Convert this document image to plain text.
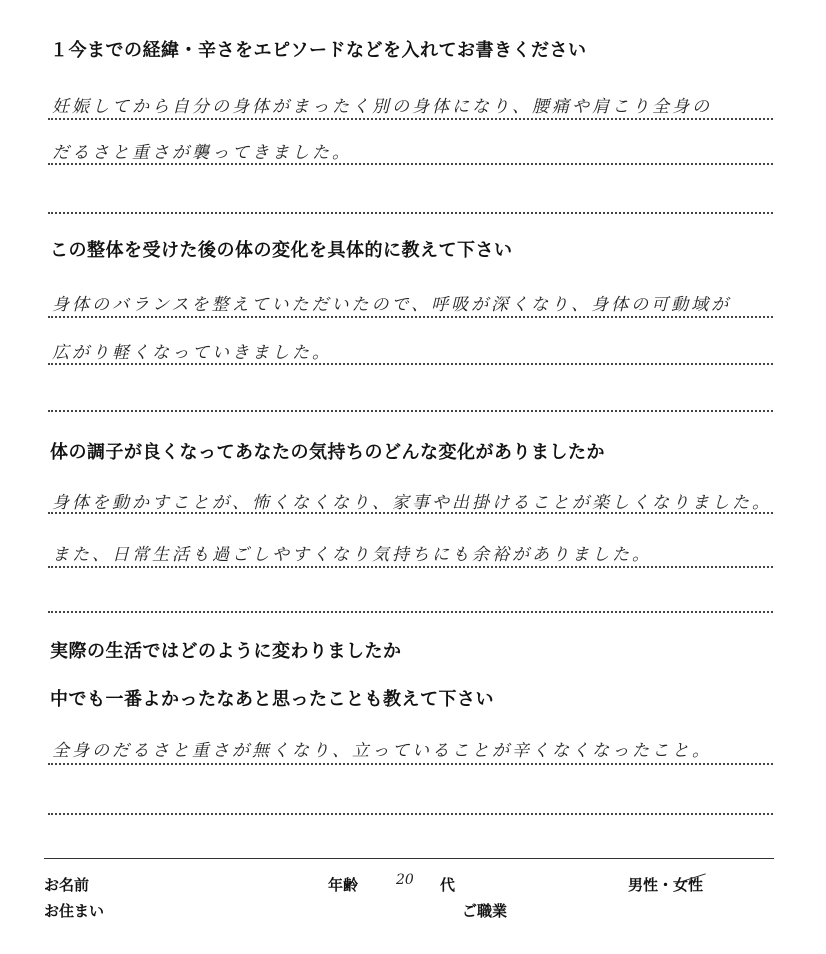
１今までの経緯・辛さをエピソードなどを入れてお書きください
妊娠してから自分の身体がまったく別の身体になり、腰痛や肩こり全身の
だるさと重さが襲ってきました。
この整体を受けた後の体の変化を具体的に教えて下さい
身体のバランスを整えていただいたので、呼吸が深くなり、身体の可動域が
広がり軽くなっていきました。
体の調子が良くなってあなたの気持ちのどんな変化がありましたか
身体を動かすことが、怖くなくなり、家事や出掛けることが楽しくなりました。
また、日常生活も過ごしやすくなり気持ちにも余裕がありました。
実際の生活ではどのように変わりましたか
中でも一番よかったなあと思ったことも教えて下さい
全身のだるさと重さが無くなり、立っていることが辛くなくなったこと。
お名前	年齢	20 代	男性・女性
お住まい	ご職業
